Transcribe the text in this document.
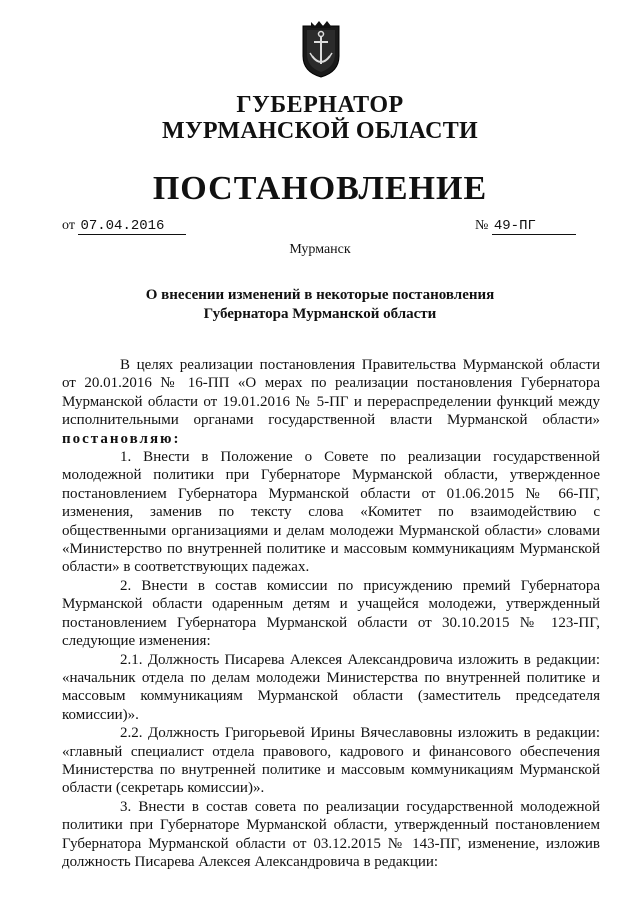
ГУБЕРНАТОР
МУРМАНСКОЙ ОБЛАСТИ
ПОСТАНОВЛЕНИЕ
от 07.04.2016	№ 49-ПГ
Мурманск
О внесении изменений в некоторые постановления
Губернатора Мурманской области

В целях реализации постановления Правительства Мурманской области от 20.01.2016 № 16-ПП «О мерах по реализации постановления Губернатора Мурманской области от 19.01.2016 № 5-ПГ и перераспределении функций между исполнительными органами государственной власти Мурманской области» постановляю:

1. Внести в Положение о Совете по реализации государственной молодежной политики при Губернаторе Мурманской области, утвержденное постановлением Губернатора Мурманской области от 01.06.2015 № 66-ПГ, изменения, заменив по тексту слова «Комитет по взаимодействию с общественными организациями и делам молодежи Мурманской области» словами «Министерство по внутренней политике и массовым коммуникациям Мурманской области» в соответствующих падежах.

2. Внести в состав комиссии по присуждению премий Губернатора Мурманской области одаренным детям и учащейся молодежи, утвержденный постановлением Губернатора Мурманской области от 30.10.2015 № 123-ПГ, следующие изменения:

2.1. Должность Писарева Алексея Александровича изложить в редакции: «начальник отдела по делам молодежи Министерства по внутренней политике и массовым коммуникациям Мурманской области (заместитель председателя комиссии)».

2.2. Должность Григорьевой Ирины Вячеславовны изложить в редакции: «главный специалист отдела правового, кадрового и финансового обеспечения Министерства по внутренней политике и массовым коммуникациям Мурманской области (секретарь комиссии)».

3. Внести в состав совета по реализации государственной молодежной политики при Губернаторе Мурманской области, утвержденный постановлением Губернатора Мурманской области от 03.12.2015 № 143-ПГ, изменение, изложив должность Писарева Алексея Александровича в редакции:
